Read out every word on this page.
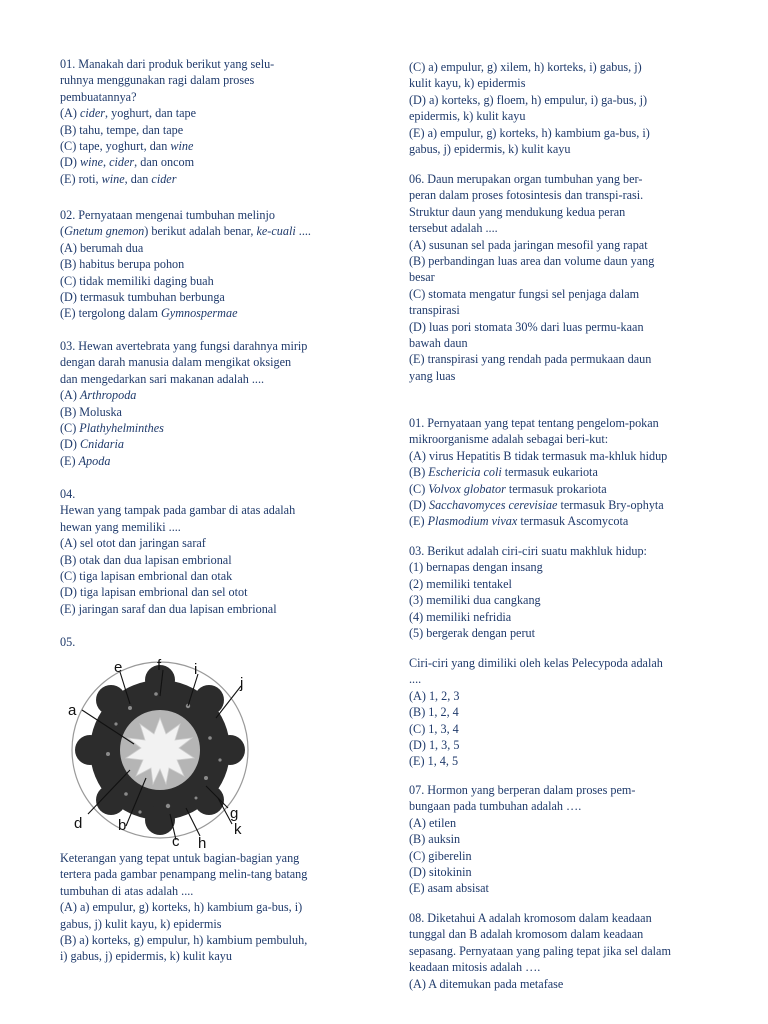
01. Manakah dari produk berikut yang selu-
ruhnya menggunakan ragi dalam proses
pembuatannya?
(A) cider, yoghurt, dan tape
(B) tahu, tempe, dan tape
(C) tape, yoghurt, dan wine
(D) wine, cider, dan oncom
(E) roti, wine, dan cider
02. Pernyataan mengenai tumbuhan melinjo
(Gnetum gnemon) berikut adalah benar, ke-cuali ....
(A) berumah dua
(B) habitus berupa pohon
(C) tidak memiliki daging buah
(D) termasuk tumbuhan berbunga
(E) tergolong dalam Gymnospermae
03. Hewan avertebrata yang fungsi darahnya mirip
dengan darah manusia dalam mengikat oksigen
dan mengedarkan sari makanan adalah ....
(A) Arthropoda
(B) Moluska
(C) Plathyhelminthes
(D) Cnidaria
(E) Apoda
04.
Hewan yang tampak pada gambar di atas adalah
hewan yang memiliki ....
(A) sel otot dan jaringan saraf
(B) otak dan dua lapisan embrional
(C) tiga lapisan embrional dan otak
(D) tiga lapisan embrional dan sel otot
(E) jaringan saraf dan dua lapisan embrional
05.
a
b
c
d
e f
g
h
i
j
k
Keterangan yang tepat untuk bagian-bagian yang
tertera pada gambar penampang melin-tang batang
tumbuhan di atas adalah ....
(A) a) empulur, g) korteks, h) kambium ga-bus, i)
gabus, j) kulit kayu, k) epidermis
(B) a) korteks, g) empulur, h) kambium pembuluh,
i) gabus, j) epidermis, k) kulit kayu
(C) a) empulur, g) xilem, h) korteks, i) gabus, j)
kulit kayu, k) epidermis
(D) a) korteks, g) floem, h) empulur, i) ga-bus, j)
epidermis, k) kulit kayu
(E) a) empulur, g) korteks, h) kambium ga-bus, i)
gabus, j) epidermis, k) kulit kayu
06. Daun merupakan organ tumbuhan yang ber-
peran dalam proses fotosintesis dan transpi-rasi.
Struktur daun yang mendukung kedua peran
tersebut adalah ....
(A) susunan sel pada jaringan mesofil yang rapat
(B) perbandingan luas area dan volume daun yang
besar
(C) stomata mengatur fungsi sel penjaga dalam
transpirasi
(D) luas pori stomata 30% dari luas permu-kaan
bawah daun
(E) transpirasi yang rendah pada permukaan daun
yang luas
01. Pernyataan yang tepat tentang pengelom-pokan
mikroorganisme adalah sebagai beri-kut:
(A) virus Hepatitis B tidak termasuk ma-khluk hidup
(B) Eschericia coli termasuk eukariota
(C) Volvox globator termasuk prokariota
(D) Sacchavomyces cerevisiae termasuk Bry-ophyta
(E) Plasmodium vivax termasuk Ascomycota
03. Berikut adalah ciri-ciri suatu makhluk hidup:
(1) bernapas dengan insang
(2) memiliki tentakel
(3) memiliki dua cangkang
(4) memiliki nefridia
(5) bergerak dengan perut
Ciri-ciri yang dimiliki oleh kelas Pelecypoda adalah
....
(A) 1, 2, 3
(B) 1, 2, 4
(C) 1, 3, 4
(D) 1, 3, 5
(E) 1, 4, 5
07. Hormon yang berperan dalam proses pem-
bungaan pada tumbuhan adalah ….
(A) etilen
(B) auksin
(C) giberelin
(D) sitokinin
(E) asam absisat
08. Diketahui A adalah kromosom dalam keadaan
tunggal dan B adalah kromosom dalam keadaan
sepasang. Pernyataan yang paling tepat jika sel dalam
keadaan mitosis adalah ….
(A) A ditemukan pada metafase
